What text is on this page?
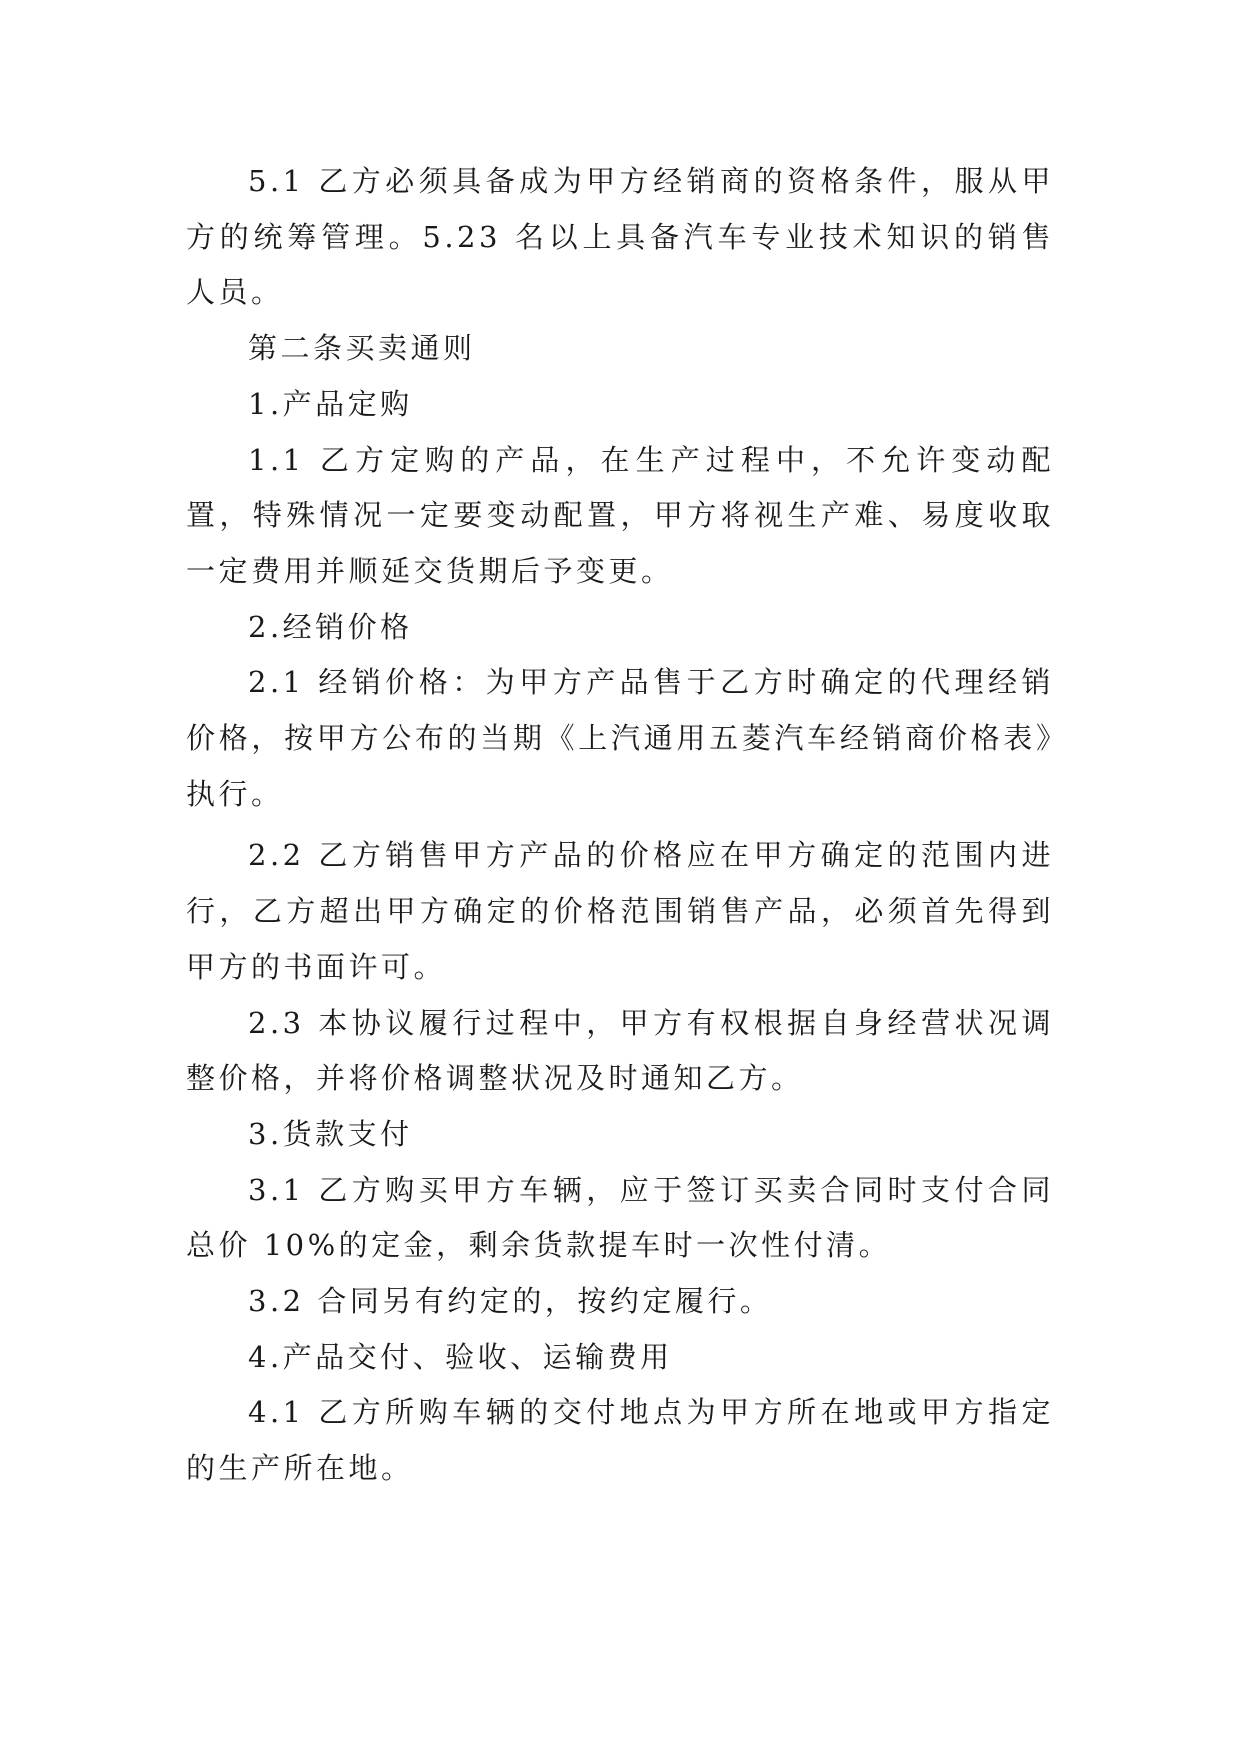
5.1 乙方必须具备成为甲方经销商的资格条件，服从甲方的统筹管理。5.23 名以上具备汽车专业技术知识的销售人员。

第二条买卖通则

1.产品定购

1.1 乙方定购的产品，在生产过程中，不允许变动配置，特殊情况一定要变动配置，甲方将视生产难、易度收取一定费用并顺延交货期后予变更。

2.经销价格

2.1 经销价格：为甲方产品售于乙方时确定的代理经销价格，按甲方公布的当期《上汽通用五菱汽车经销商价格表》执行。

2.2 乙方销售甲方产品的价格应在甲方确定的范围内进行，乙方超出甲方确定的价格范围销售产品，必须首先得到甲方的书面许可。

2.3 本协议履行过程中，甲方有权根据自身经营状况调整价格，并将价格调整状况及时通知乙方。

3.货款支付

3.1 乙方购买甲方车辆，应于签订买卖合同时支付合同总价 10%的定金，剩余货款提车时一次性付清。

3.2 合同另有约定的，按约定履行。

4.产品交付、验收、运输费用

4.1 乙方所购车辆的交付地点为甲方所在地或甲方指定的生产所在地。
